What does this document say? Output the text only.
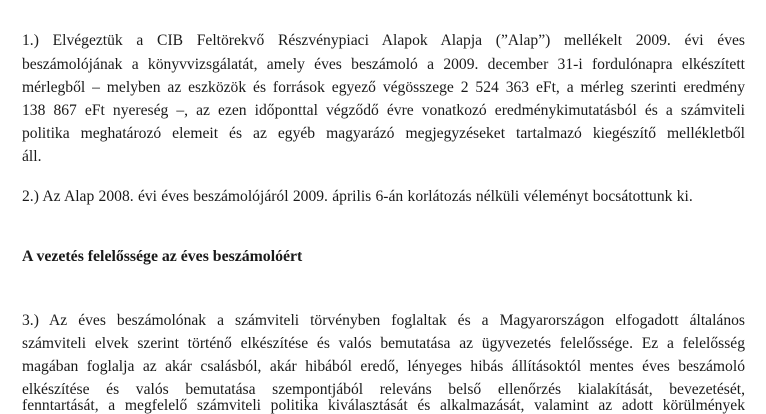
1.) Elvégeztük a CIB Feltörekvő Részvénypiaci Alapok Alapja (”Alap”) mellékelt 2009. évi éves
beszámolójának a könyvvizsgálatát, amely éves beszámoló a 2009. december 31-i fordulónapra elkészített
mérlegből – melyben az eszközök és források egyező végösszege 2 524 363 eFt, a mérleg szerinti eredmény
138 867 eFt nyereség –, az ezen időponttal végződő évre vonatkozó eredménykimutatásból és a számviteli
politika meghatározó elemeit és az egyéb magyarázó megjegyzéseket tartalmazó kiegészítő mellékletből
áll.
2.) Az Alap 2008. évi éves beszámolójáról 2009. április 6-án korlátozás nélküli véleményt bocsátottunk ki.
A vezetés felelőssége az éves beszámolóért
3.) Az éves beszámolónak a számviteli törvényben foglaltak és a Magyarországon elfogadott általános
számviteli elvek szerint történő elkészítése és valós bemutatása az ügyvezetés felelőssége. Ez a felelősség
magában foglalja az akár csalásból, akár hibából eredő, lényeges hibás állításoktól mentes éves beszámoló
elkészítése és valós bemutatása szempontjából releváns belső ellenőrzés kialakítását, bevezetését,
fenntartását, a megfelelő számviteli politika kiválasztását és alkalmazását, valamint az adott körülmények
